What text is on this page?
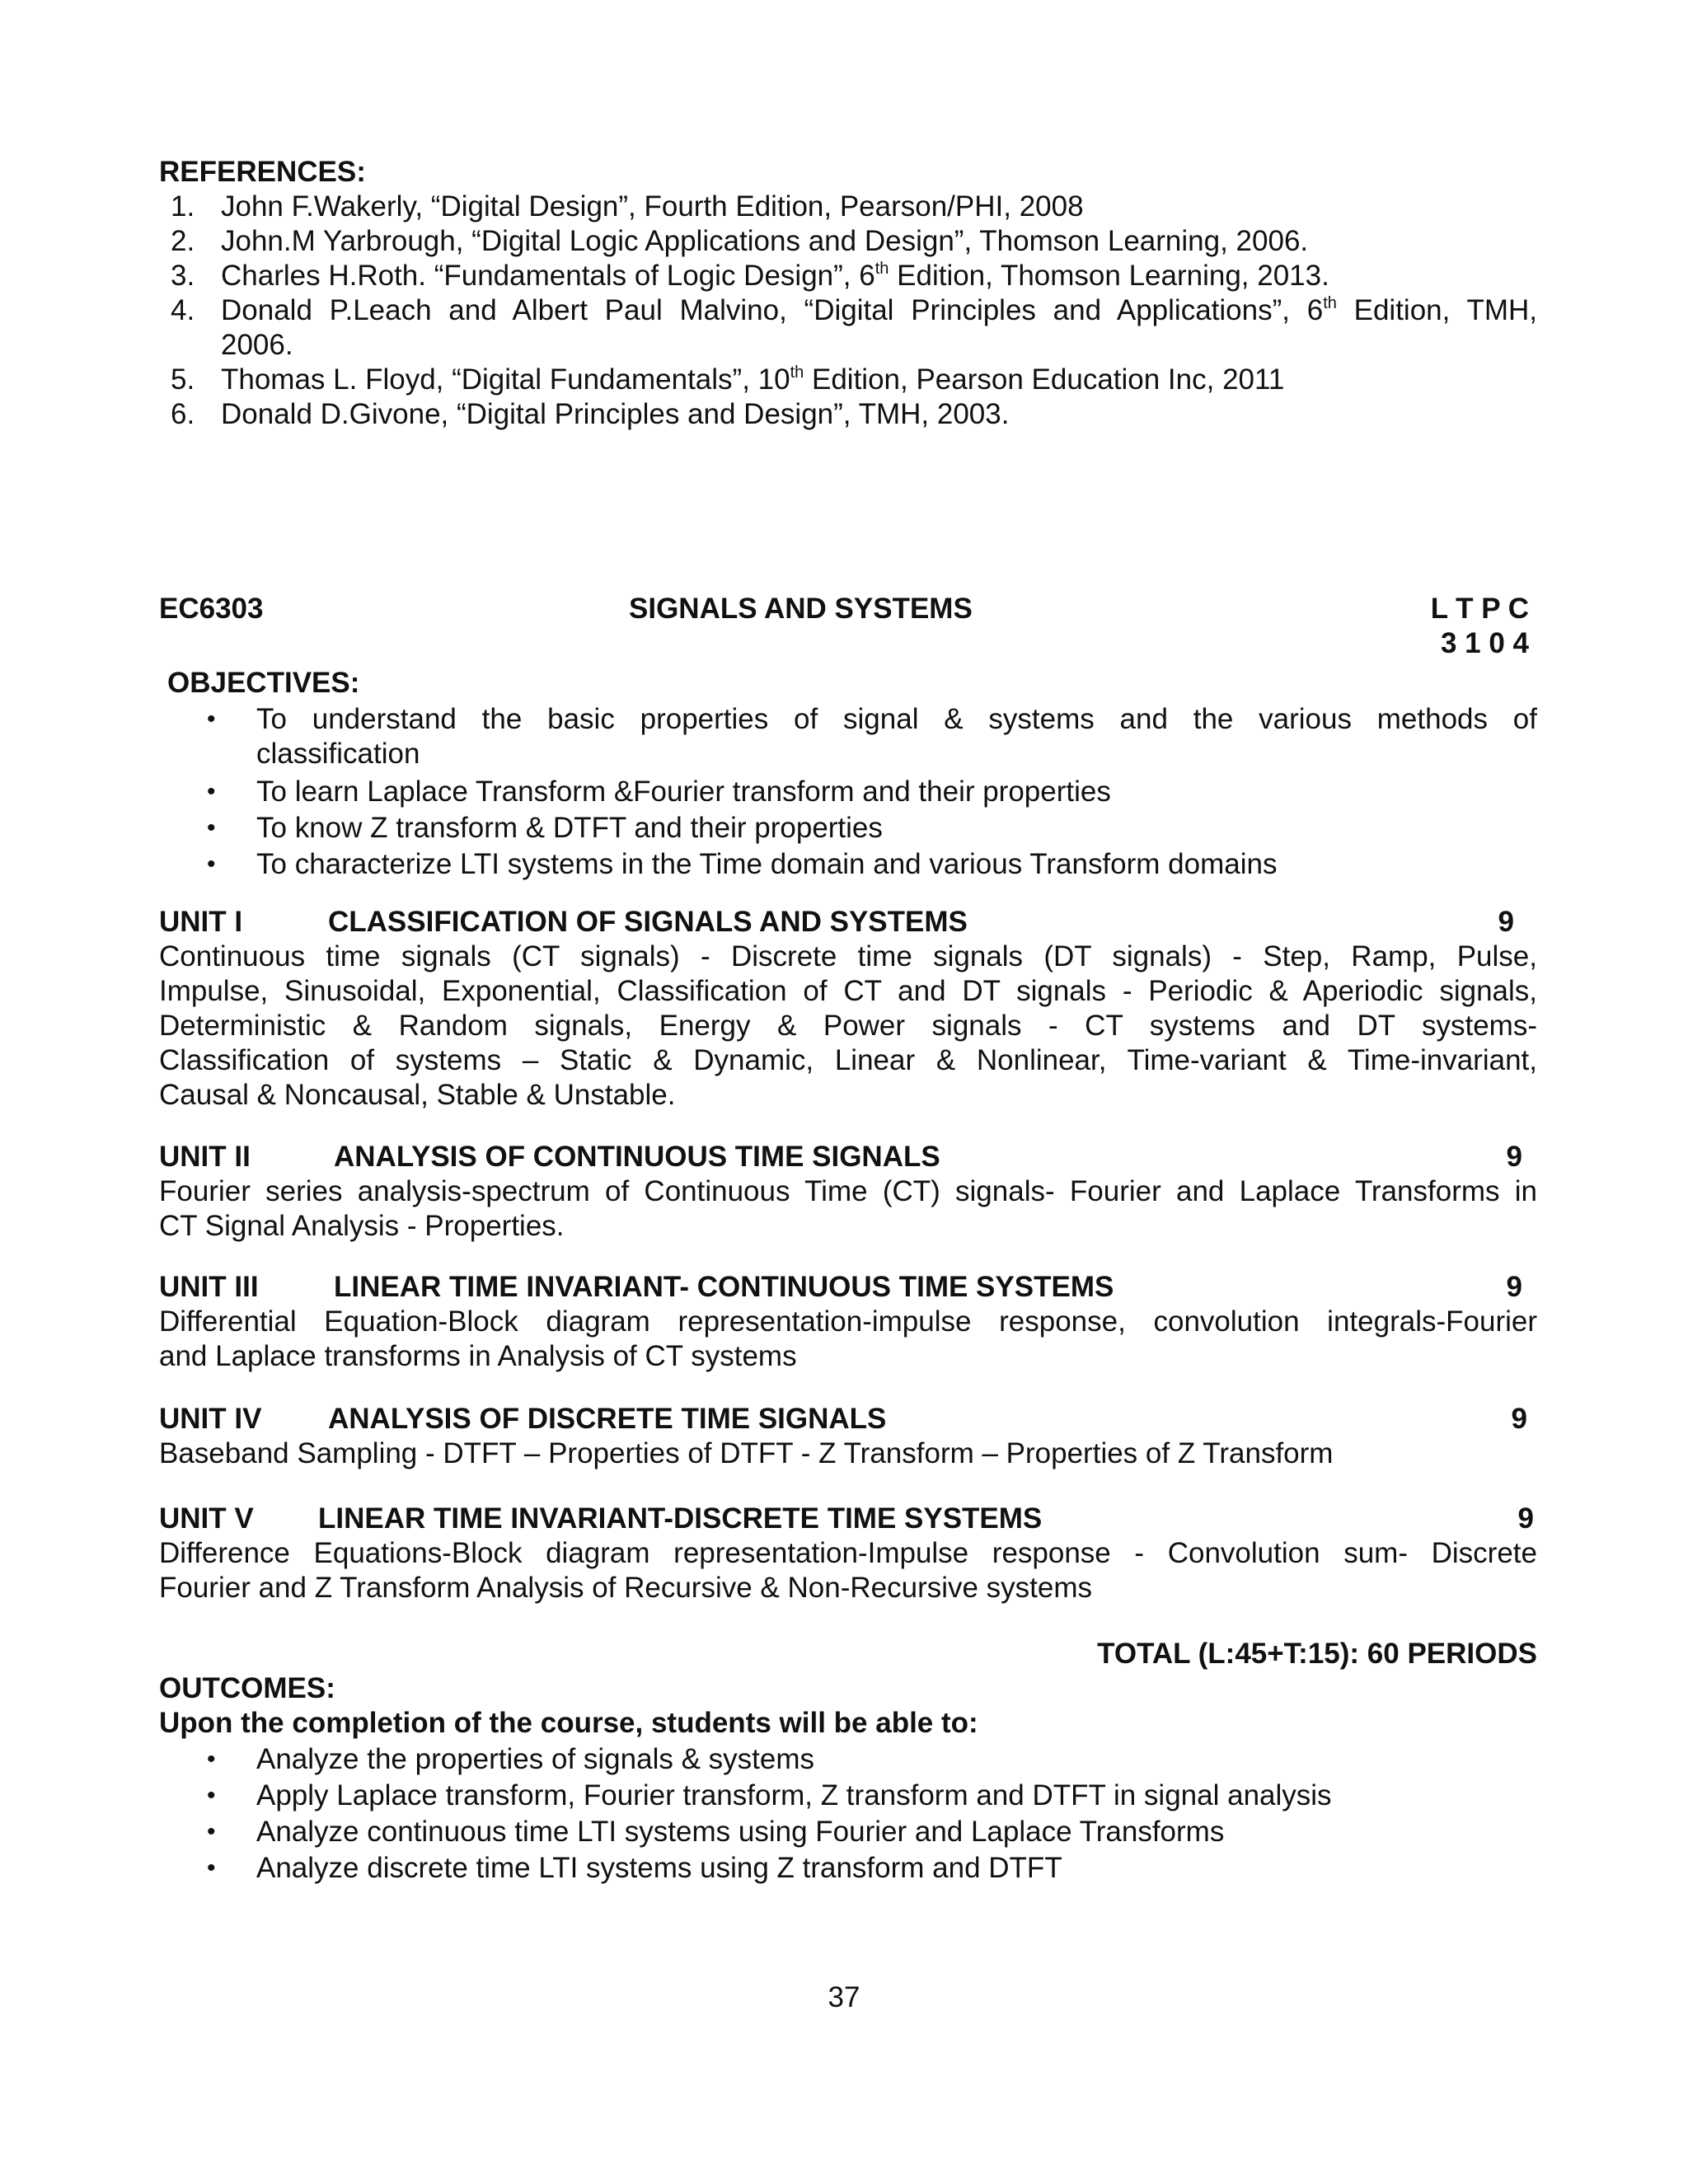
REFERENCES:
1. John F.Wakerly, “Digital Design”, Fourth Edition, Pearson/PHI, 2008
2. John.M Yarbrough, “Digital Logic Applications and Design”, Thomson Learning, 2006.
3. Charles H.Roth. “Fundamentals of Logic Design”, 6th Edition, Thomson Learning, 2013.
4. Donald P.Leach and Albert Paul Malvino, “Digital Principles and Applications”, 6th Edition, TMH,
2006.
5. Thomas L. Floyd, “Digital Fundamentals”, 10th Edition, Pearson Education Inc, 2011
6. Donald D.Givone, “Digital Principles and Design”, TMH, 2003.
EC6303	SIGNALS AND SYSTEMS	L T P C
3 1 0 4
OBJECTIVES:
• To understand the basic properties of signal & systems and the various methods of
classification
• To learn Laplace Transform &Fourier transform and their properties
• To know Z transform & DTFT and their properties
• To characterize LTI systems in the Time domain and various Transform domains
UNIT I	CLASSIFICATION OF SIGNALS AND SYSTEMS	9
Continuous time signals (CT signals) - Discrete time signals (DT signals) - Step, Ramp, Pulse,
Impulse, Sinusoidal, Exponential, Classification of CT and DT signals - Periodic & Aperiodic signals,
Deterministic & Random signals, Energy & Power signals - CT systems and DT systems-
Classification of systems – Static & Dynamic, Linear & Nonlinear, Time-variant & Time-invariant,
Causal & Noncausal, Stable & Unstable.
UNIT II	ANALYSIS OF CONTINUOUS TIME SIGNALS	9
Fourier series analysis-spectrum of Continuous Time (CT) signals- Fourier and Laplace Transforms in
CT Signal Analysis - Properties.
UNIT III	LINEAR TIME INVARIANT- CONTINUOUS TIME SYSTEMS	9
Differential Equation-Block diagram representation-impulse response, convolution integrals-Fourier
and Laplace transforms in Analysis of CT systems
UNIT IV ANALYSIS OF DISCRETE TIME SIGNALS	9
Baseband Sampling - DTFT – Properties of DTFT - Z Transform – Properties of Z Transform
UNIT V LINEAR TIME INVARIANT-DISCRETE TIME SYSTEMS	9
Difference Equations-Block diagram representation-Impulse response - Convolution sum- Discrete
Fourier and Z Transform Analysis of Recursive & Non-Recursive systems
TOTAL (L:45+T:15): 60 PERIODS
OUTCOMES:
Upon the completion of the course, students will be able to:
• Analyze the properties of signals & systems
• Apply Laplace transform, Fourier transform, Z transform and DTFT in signal analysis
• Analyze continuous time LTI systems using Fourier and Laplace Transforms
• Analyze discrete time LTI systems using Z transform and DTFT
37
